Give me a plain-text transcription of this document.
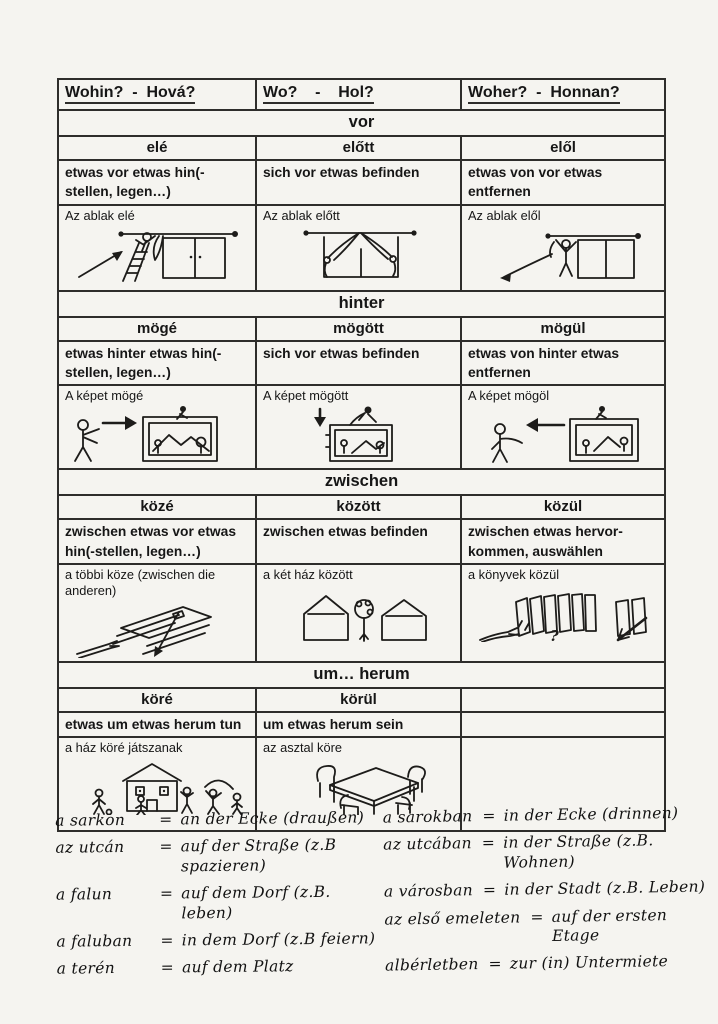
Wohin?  -  Hová?	Wo?    -    Hol?	Woher?  -  Honnan?
vor		
elé	előtt	elől
etwas vor etwas hin(-stellen, legen…)	sich vor etwas befinden	etwas von vor etwas entfernen

Az ablak elé	Az ablak előtt	Az ablak elől

hinter		
mögé	mögött	mögül
etwas hinter etwas hin(-stellen, legen…)	sich vor etwas befinden	etwas von hinter etwas entfernen

A képet mögé	A képet mögött	A képet mögöl

zwischen		
közé	között	közül
zwischen etwas vor etwas hin(-stellen, legen…)	zwischen etwas befinden	zwischen etwas hervor-kommen, auswählen

a többi köze (zwischen die anderen)	a két ház között	a könyvek közül
?

um… herum		
köré	körül	
etwas um etwas herum tun	um etwas herum sein	

a ház köré játszanak	az asztal köre	

a sarkon	= an der Ecke (draußen)
az utcán	= auf der Straße (z.B spazieren)
a falun	= auf dem Dorf (z.B. leben)
a faluban	= in dem Dorf (z.B feiern)
a terén	= auf dem Platz
a sarokban = in der Ecke (drinnen)
az utcában = in der Straße (z.B. Wohnen)
a városban = in der Stadt (z.B. Leben)
az első emeleten = auf der ersten Etage
albérletben = zur (in) Untermiete
